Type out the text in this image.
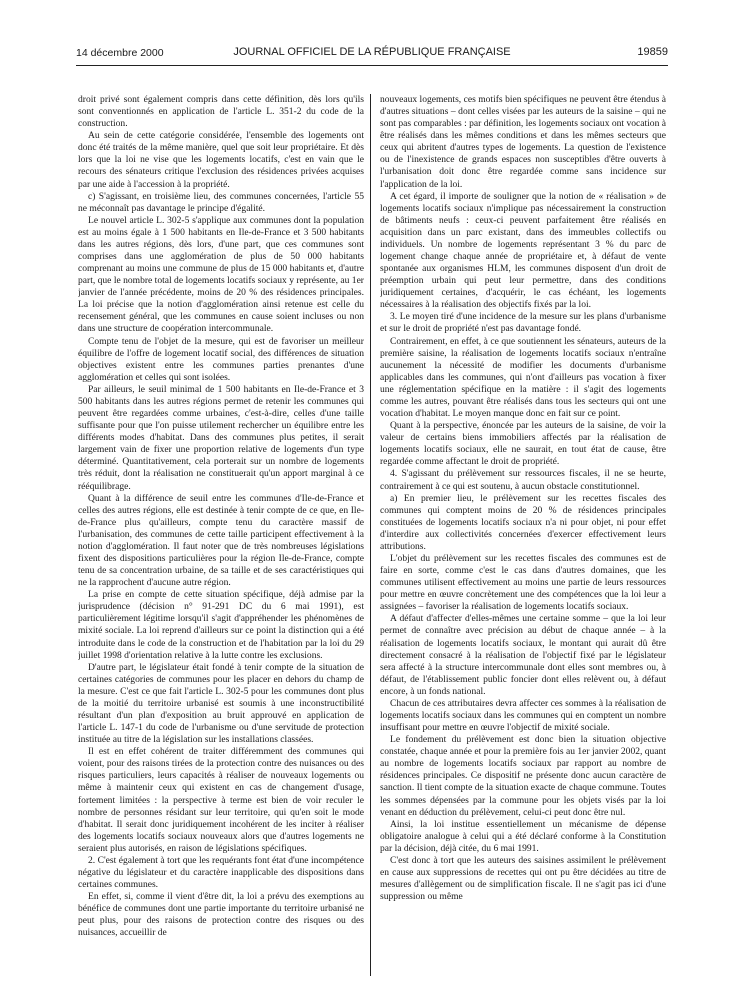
14 décembre 2000	JOURNAL OFFICIEL DE LA RÉPUBLIQUE FRANÇAISE	19859

droit privé sont également compris dans cette définition, dès lors qu'ils sont conventionnés en application de l'article L. 351-2 du code de la construction.

Au sein de cette catégorie considérée, l'ensemble des logements ont donc été traités de la même manière, quel que soit leur propriétaire. Et dès lors que la loi ne vise que les logements locatifs, c'est en vain que le recours des sénateurs critique l'exclusion des résidences privées acquises par une aide à l'accession à la propriété.

c) S'agissant, en troisième lieu, des communes concernées, l'article 55 ne méconnaît pas davantage le principe d'égalité.

Le nouvel article L. 302-5 s'applique aux communes dont la population est au moins égale à 1 500 habitants en Ile-de-France et 3 500 habitants dans les autres régions, dès lors, d'une part, que ces communes sont comprises dans une agglomération de plus de 50 000 habitants comprenant au moins une commune de plus de 15 000 habitants et, d'autre part, que le nombre total de logements locatifs sociaux y représente, au 1er janvier de l'année précédente, moins de 20 % des résidences principales. La loi précise que la notion d'agglomération ainsi retenue est celle du recensement général, que les communes en cause soient incluses ou non dans une structure de coopération intercommunale.

Compte tenu de l'objet de la mesure, qui est de favoriser un meilleur équilibre de l'offre de logement locatif social, des différences de situation objectives existent entre les communes parties prenantes d'une agglomération et celles qui sont isolées.

Par ailleurs, le seuil minimal de 1 500 habitants en Ile-de-France et 3 500 habitants dans les autres régions permet de retenir les communes qui peuvent être regardées comme urbaines, c'est-à-dire, celles d'une taille suffisante pour que l'on puisse utilement rechercher un équilibre entre les différents modes d'habitat. Dans des communes plus petites, il serait largement vain de fixer une proportion relative de logements d'un type déterminé. Quantitativement, cela porterait sur un nombre de logements très réduit, dont la réalisation ne constituerait qu'un apport marginal à ce rééquilibrage.

Quant à la différence de seuil entre les communes d'Ile-de-France et celles des autres régions, elle est destinée à tenir compte de ce que, en Ile-de-France plus qu'ailleurs, compte tenu du caractère massif de l'urbanisation, des communes de cette taille participent effectivement à la notion d'agglomération. Il faut noter que de très nombreuses législations fixent des dispositions particulières pour la région Ile-de-France, compte tenu de sa concentration urbaine, de sa taille et de ses caractéristiques qui ne la rapprochent d'aucune autre région.

La prise en compte de cette situation spécifique, déjà admise par la jurisprudence (décision n° 91-291 DC du 6 mai 1991), est particulièrement légitime lorsqu'il s'agit d'appréhender les phénomènes de mixité sociale. La loi reprend d'ailleurs sur ce point la distinction qui a été introduite dans le code de la construction et de l'habitation par la loi du 29 juillet 1998 d'orientation relative à la lutte contre les exclusions.

D'autre part, le législateur était fondé à tenir compte de la situation de certaines catégories de communes pour les placer en dehors du champ de la mesure. C'est ce que fait l'article L. 302-5 pour les communes dont plus de la moitié du territoire urbanisé est soumis à une inconstructibilité résultant d'un plan d'exposition au bruit approuvé en application de l'article L. 147-1 du code de l'urbanisme ou d'une servitude de protection instituée au titre de la législation sur les installations classées.

Il est en effet cohérent de traiter différemment des communes qui voient, pour des raisons tirées de la protection contre des nuisances ou des risques particuliers, leurs capacités à réaliser de nouveaux logements ou même à maintenir ceux qui existent en cas de changement d'usage, fortement limitées : la perspective à terme est bien de voir reculer le nombre de personnes résidant sur leur territoire, qui qu'en soit le mode d'habitat. Il serait donc juridiquement incohérent de les inciter à réaliser des logements locatifs sociaux nouveaux alors que d'autres logements ne seraient plus autorisés, en raison de législations spécifiques.

2. C'est également à tort que les requérants font état d'une incompétence négative du législateur et du caractère inapplicable des dispositions dans certaines communes.

En effet, si, comme il vient d'être dit, la loi a prévu des exemptions au bénéfice de communes dont une partie importante du territoire urbanisé ne peut plus, pour des raisons de protection contre des risques ou des nuisances, accueillir de

nouveaux logements, ces motifs bien spécifiques ne peuvent être étendus à d'autres situations – dont celles visées par les auteurs de la saisine – qui ne sont pas comparables : par définition, les logements sociaux ont vocation à être réalisés dans les mêmes conditions et dans les mêmes secteurs que ceux qui abritent d'autres types de logements. La question de l'existence ou de l'inexistence de grands espaces non susceptibles d'être ouverts à l'urbanisation doit donc être regardée comme sans incidence sur l'application de la loi.

A cet égard, il importe de souligner que la notion de « réalisation » de logements locatifs sociaux n'implique pas nécessairement la construction de bâtiments neufs : ceux-ci peuvent parfaitement être réalisés en acquisition dans un parc existant, dans des immeubles collectifs ou individuels. Un nombre de logements représentant 3 % du parc de logement change chaque année de propriétaire et, à défaut de vente spontanée aux organismes HLM, les communes disposent d'un droit de préemption urbain qui peut leur permettre, dans des conditions juridiquement certaines, d'acquérir, le cas échéant, les logements nécessaires à la réalisation des objectifs fixés par la loi.

3. Le moyen tiré d'une incidence de la mesure sur les plans d'urbanisme et sur le droit de propriété n'est pas davantage fondé.

Contrairement, en effet, à ce que soutiennent les sénateurs, auteurs de la première saisine, la réalisation de logements locatifs sociaux n'entraîne aucunement la nécessité de modifier les documents d'urbanisme applicables dans les communes, qui n'ont d'ailleurs pas vocation à fixer une réglementation spécifique en la matière : il s'agit des logements comme les autres, pouvant être réalisés dans tous les secteurs qui ont une vocation d'habitat. Le moyen manque donc en fait sur ce point.

Quant à la perspective, énoncée par les auteurs de la saisine, de voir la valeur de certains biens immobiliers affectés par la réalisation de logements locatifs sociaux, elle ne saurait, en tout état de cause, être regardée comme affectant le droit de propriété.

4. S'agissant du prélèvement sur ressources fiscales, il ne se heurte, contrairement à ce qui est soutenu, à aucun obstacle constitutionnel.

a) En premier lieu, le prélèvement sur les recettes fiscales des communes qui comptent moins de 20 % de résidences principales constituées de logements locatifs sociaux n'a ni pour objet, ni pour effet d'interdire aux collectivités concernées d'exercer effectivement leurs attributions.

L'objet du prélèvement sur les recettes fiscales des communes est de faire en sorte, comme c'est le cas dans d'autres domaines, que les communes utilisent effectivement au moins une partie de leurs ressources pour mettre en œuvre concrètement une des compétences que la loi leur a assignées – favoriser la réalisation de logements locatifs sociaux.

A défaut d'affecter d'elles-mêmes une certaine somme – que la loi leur permet de connaître avec précision au début de chaque année – à la réalisation de logements locatifs sociaux, le montant qui aurait dû être directement consacré à la réalisation de l'objectif fixé par le législateur sera affecté à la structure intercommunale dont elles sont membres ou, à défaut, de l'établissement public foncier dont elles relèvent ou, à défaut encore, à un fonds national.

Chacun de ces attributaires devra affecter ces sommes à la réalisation de logements locatifs sociaux dans les communes qui en comptent un nombre insuffisant pour mettre en œuvre l'objectif de mixité sociale.

Le fondement du prélèvement est donc bien la situation objective constatée, chaque année et pour la première fois au 1er janvier 2002, quant au nombre de logements locatifs sociaux par rapport au nombre de résidences principales. Ce dispositif ne présente donc aucun caractère de sanction. Il tient compte de la situation exacte de chaque commune. Toutes les sommes dépensées par la commune pour les objets visés par la loi venant en déduction du prélèvement, celui-ci peut donc être nul.

Ainsi, la loi institue essentiellement un mécanisme de dépense obligatoire analogue à celui qui a été déclaré conforme à la Constitution par la décision, déjà citée, du 6 mai 1991.

C'est donc à tort que les auteurs des saisines assimilent le prélèvement en cause aux suppressions de recettes qui ont pu être décidées au titre de mesures d'allègement ou de simplification fiscale. Il ne s'agit pas ici d'une suppression ou même
